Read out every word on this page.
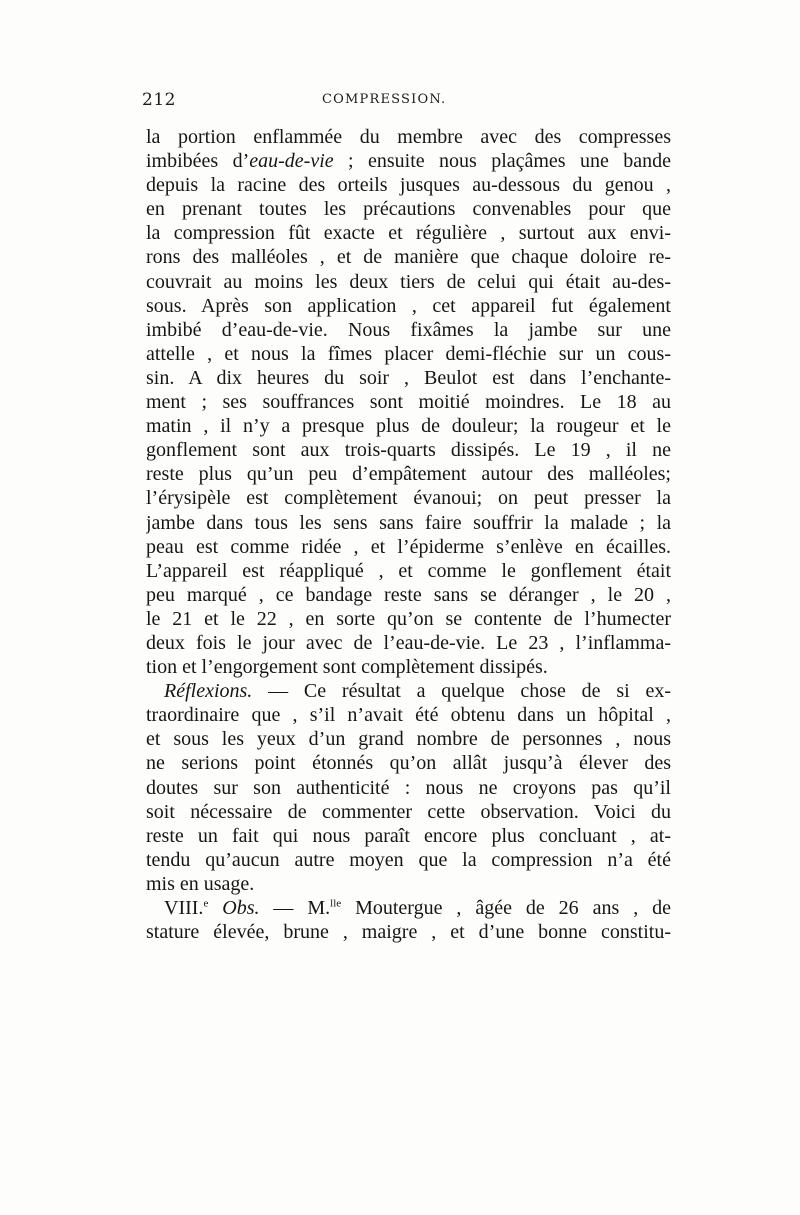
212	COMPRESSION.
la portion enflammée du membre avec des compresses
imbibées d’eau-de-vie ; ensuite nous plaçâmes une bande
depuis la racine des orteils jusques au-dessous du genou ,
en prenant toutes les précautions convenables pour que
la compression fût exacte et régulière , surtout aux envi-
rons des malléoles , et de manière que chaque doloire re-
couvrait au moins les deux tiers de celui qui était au-des-
sous. Après son application , cet appareil fut également
imbibé d’eau-de-vie. Nous fixâmes la jambe sur une
attelle , et nous la fîmes placer demi-fléchie sur un cous-
sin. A dix heures du soir , Beulot est dans l’enchante-
ment ; ses souffrances sont moitié moindres. Le 18 au
matin , il n’y a presque plus de douleur; la rougeur et le
gonflement sont aux trois-quarts dissipés. Le 19 , il ne
reste plus qu’un peu d’empâtement autour des malléoles;
l’érysipèle est complètement évanoui; on peut presser la
jambe dans tous les sens sans faire souffrir la malade ; la
peau est comme ridée , et l’épiderme s’enlève en écailles.
L’appareil est réappliqué , et comme le gonflement était
peu marqué , ce bandage reste sans se déranger , le 20 ,
le 21 et le 22 , en sorte qu’on se contente de l’humecter
deux fois le jour avec de l’eau-de-vie. Le 23 , l’inflamma-
tion et l’engorgement sont complètement dissipés.
Réflexions. — Ce résultat a quelque chose de si ex-
traordinaire que , s’il n’avait été obtenu dans un hôpital ,
et sous les yeux d’un grand nombre de personnes , nous
ne serions point étonnés qu’on allât jusqu’à élever des
doutes sur son authenticité : nous ne croyons pas qu’il
soit nécessaire de commenter cette observation. Voici du
reste un fait qui nous paraît encore plus concluant , at-
tendu qu’aucun autre moyen que la compression n’a été
mis en usage.
VIII.$^e$ Obs. — M.$^{lle}$ Moutergue , âgée de 26 ans , de
stature élevée, brune , maigre , et d’une bonne constitu-
